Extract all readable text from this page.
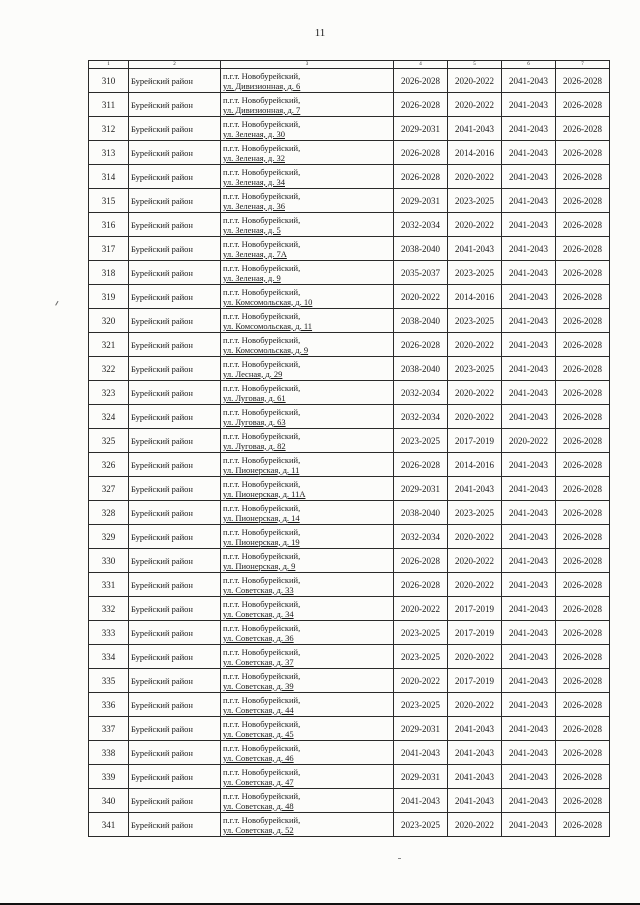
11
1	2	3	4	5	6	7
310	Бурейский район	п.г.т. Новобурейский,
ул. Дивизионная, д. 6	2026-2028	2020-2022	2041-2043	2026-2028
311	Бурейский район	п.г.т. Новобурейский,
ул. Дивизионная, д. 7	2026-2028	2020-2022	2041-2043	2026-2028
312	Бурейский район	п.г.т. Новобурейский,
ул. Зеленая, д. 30	2029-2031	2041-2043	2041-2043	2026-2028
313	Бурейский район	п.г.т. Новобурейский,
ул. Зеленая, д. 32	2026-2028	2014-2016	2041-2043	2026-2028
314	Бурейский район	п.г.т. Новобурейский,
ул. Зеленая, д. 34	2026-2028	2020-2022	2041-2043	2026-2028
315	Бурейский район	п.г.т. Новобурейский,
ул. Зеленая, д. 36	2029-2031	2023-2025	2041-2043	2026-2028
316	Бурейский район	п.г.т. Новобурейский,
ул. Зеленая, д. 5	2032-2034	2020-2022	2041-2043	2026-2028
317	Бурейский район	п.г.т. Новобурейский,
ул. Зеленая, д. 7А	2038-2040	2041-2043	2041-2043	2026-2028
318	Бурейский район	п.г.т. Новобурейский,
ул. Зеленая, д. 9	2035-2037	2023-2025	2041-2043	2026-2028
319	Бурейский район	п.г.т. Новобурейский,
ул. Комсомольская, д. 10	2020-2022	2014-2016	2041-2043	2026-2028
320	Бурейский район	п.г.т. Новобурейский,
ул. Комсомольская, д. 11	2038-2040	2023-2025	2041-2043	2026-2028
321	Бурейский район	п.г.т. Новобурейский,
ул. Комсомольская, д. 9	2026-2028	2020-2022	2041-2043	2026-2028
322	Бурейский район	п.г.т. Новобурейский,
ул. Лесная, д. 29	2038-2040	2023-2025	2041-2043	2026-2028
323	Бурейский район	п.г.т. Новобурейский,
ул. Луговая, д. 61	2032-2034	2020-2022	2041-2043	2026-2028
324	Бурейский район	п.г.т. Новобурейский,
ул. Луговая, д. 63	2032-2034	2020-2022	2041-2043	2026-2028
325	Бурейский район	п.г.т. Новобурейский,
ул. Луговая, д. 82	2023-2025	2017-2019	2020-2022	2026-2028
326	Бурейский район	п.г.т. Новобурейский,
ул. Пионерская, д. 11	2026-2028	2014-2016	2041-2043	2026-2028
327	Бурейский район	п.г.т. Новобурейский,
ул. Пионерская, д. 11А	2029-2031	2041-2043	2041-2043	2026-2028
328	Бурейский район	п.г.т. Новобурейский,
ул. Пионерская, д. 14	2038-2040	2023-2025	2041-2043	2026-2028
329	Бурейский район	п.г.т. Новобурейский,
ул. Пионерская, д. 19	2032-2034	2020-2022	2041-2043	2026-2028
330	Бурейский район	п.г.т. Новобурейский,
ул. Пионерская, д. 9	2026-2028	2020-2022	2041-2043	2026-2028
331	Бурейский район	п.г.т. Новобурейский,
ул. Советская, д. 33	2026-2028	2020-2022	2041-2043	2026-2028
332	Бурейский район	п.г.т. Новобурейский,
ул. Советская, д. 34	2020-2022	2017-2019	2041-2043	2026-2028
333	Бурейский район	п.г.т. Новобурейский,
ул. Советская, д. 36	2023-2025	2017-2019	2041-2043	2026-2028
334	Бурейский район	п.г.т. Новобурейский,
ул. Советская, д. 37	2023-2025	2020-2022	2041-2043	2026-2028
335	Бурейский район	п.г.т. Новобурейский,
ул. Советская, д. 39	2020-2022	2017-2019	2041-2043	2026-2028
336	Бурейский район	п.г.т. Новобурейский,
ул. Советская, д. 44	2023-2025	2020-2022	2041-2043	2026-2028
337	Бурейский район	п.г.т. Новобурейский,
ул. Советская, д. 45	2029-2031	2041-2043	2041-2043	2026-2028
338	Бурейский район	п.г.т. Новобурейский,
ул. Советская, д. 46	2041-2043	2041-2043	2041-2043	2026-2028
339	Бурейский район	п.г.т. Новобурейский,
ул. Советская, д. 47	2029-2031	2041-2043	2041-2043	2026-2028
340	Бурейский район	п.г.т. Новобурейский,
ул. Советская, д. 48	2041-2043	2041-2043	2041-2043	2026-2028
341	Бурейский район	п.г.т. Новобурейский,
ул. Советская, д. 52	2023-2025	2020-2022	2041-2043	2026-2028
